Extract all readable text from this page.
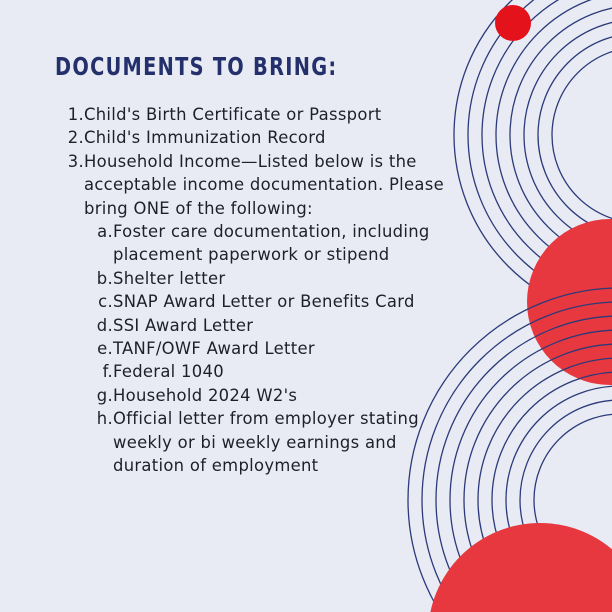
DOCUMENTS TO BRING:
1. Child's Birth Certificate or Passport
2. Child's Immunization Record
3. Household Income—Listed below is the acceptable income documentation. Please bring ONE of the following:
a. Foster care documentation, including placement paperwork or stipend
b. Shelter letter
c. SNAP Award Letter or Benefits Card
d. SSI Award Letter
e. TANF/OWF Award Letter
f. Federal 1040
g. Household 2024 W2's
h. Official letter from employer stating weekly or bi weekly earnings and duration of employment
